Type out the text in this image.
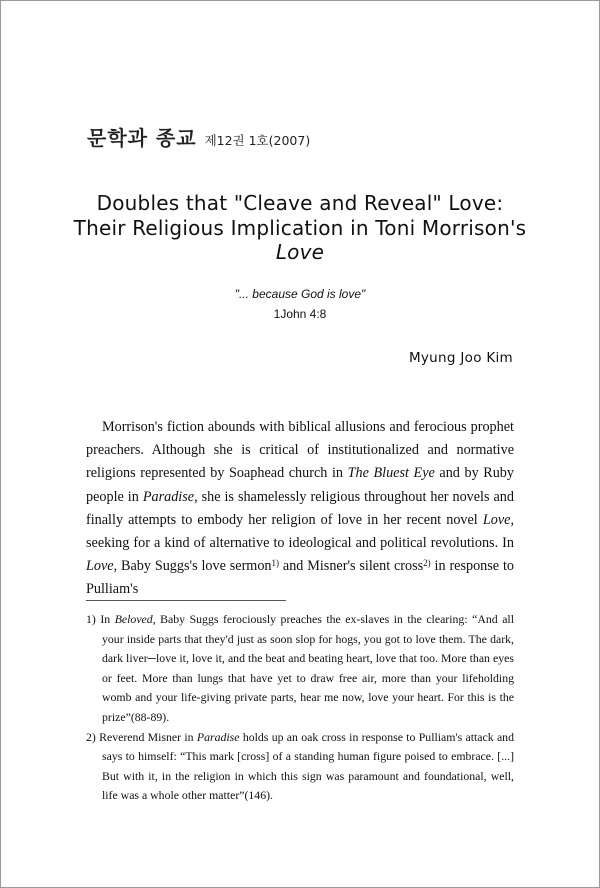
문학과 종교 제12권 1호(2007)
Doubles that "Cleave and Reveal" Love: Their Religious Implication in Toni Morrison's Love
"... because God is love"
1John 4:8
Myung Joo Kim

Morrison's fiction abounds with biblical allusions and ferocious prophet preachers. Although she is critical of institutionalized and normative religions represented by Soaphead church in The Bluest Eye and by Ruby people in Paradise, she is shamelessly religious throughout her novels and finally attempts to embody her religion of love in her recent novel Love, seeking for a kind of alternative to ideological and political revolutions. In Love, Baby Suggs's love sermon$^{1)}$ and Misner's silent cross$^{2)}$ in response to Pulliam's

1) In Beloved, Baby Suggs ferociously preaches the ex-slaves in the clearing: “And all your inside parts that they'd just as soon slop for hogs, you got to love them. The dark, dark liver─love it, love it, and the beat and beating heart, love that too. More than eyes or feet. More than lungs that have yet to draw free air, more than your lifeholding womb and your life-giving private parts, hear me now, love your heart. For this is the prize”(88-89).
2) Reverend Misner in Paradise holds up an oak cross in response to Pulliam's attack and says to himself: “This mark [cross] of a standing human figure poised to embrace. [...] But with it, in the religion in which this sign was paramount and foundational, well, life was a whole other matter”(146).
